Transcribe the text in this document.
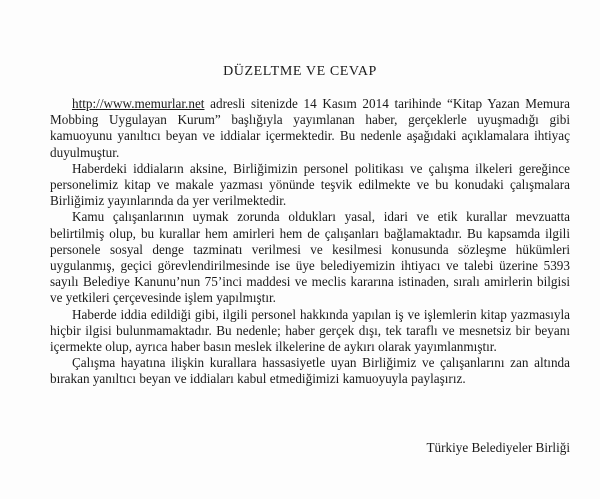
DÜZELTME VE CEVAP

http://www.memurlar.net adresli sitenizde 14 Kasım 2014 tarihinde “Kitap Yazan Memura Mobbing Uygulayan Kurum” başlığıyla yayımlanan haber, gerçeklerle uyuşmadığı gibi kamuoyunu yanıltıcı beyan ve iddialar içermektedir. Bu nedenle aşağıdaki açıklamalara ihtiyaç duyulmuştur.

Haberdeki iddiaların aksine, Birliğimizin personel politikası ve çalışma ilkeleri gereğince personelimiz kitap ve makale yazması yönünde teşvik edilmekte ve bu konudaki çalışmalara Birliğimiz yayınlarında da yer verilmektedir.

Kamu çalışanlarının uymak zorunda oldukları yasal, idari ve etik kurallar mevzuatta belirtilmiş olup, bu kurallar hem amirleri hem de çalışanları bağlamaktadır. Bu kapsamda ilgili personele sosyal denge tazminatı verilmesi ve kesilmesi konusunda sözleşme hükümleri uygulanmış, geçici görevlendirilmesinde ise üye belediyemizin ihtiyacı ve talebi üzerine 5393 sayılı Belediye Kanunu’nun 75’inci maddesi ve meclis kararına istinaden, sıralı amirlerin bilgisi ve yetkileri çerçevesinde işlem yapılmıştır.

Haberde iddia edildiği gibi, ilgili personel hakkında yapılan iş ve işlemlerin kitap yazmasıyla hiçbir ilgisi bulunmamaktadır. Bu nedenle; haber gerçek dışı, tek taraflı ve mesnetsiz bir beyanı içermekte olup, ayrıca haber basın meslek ilkelerine de aykırı olarak yayımlanmıştır.

Çalışma hayatına ilişkin kurallara hassasiyetle uyan Birliğimiz ve çalışanlarını zan altında bırakan yanıltıcı beyan ve iddiaları kabul etmediğimizi kamuoyuyla paylaşırız.

Türkiye Belediyeler Birliği
